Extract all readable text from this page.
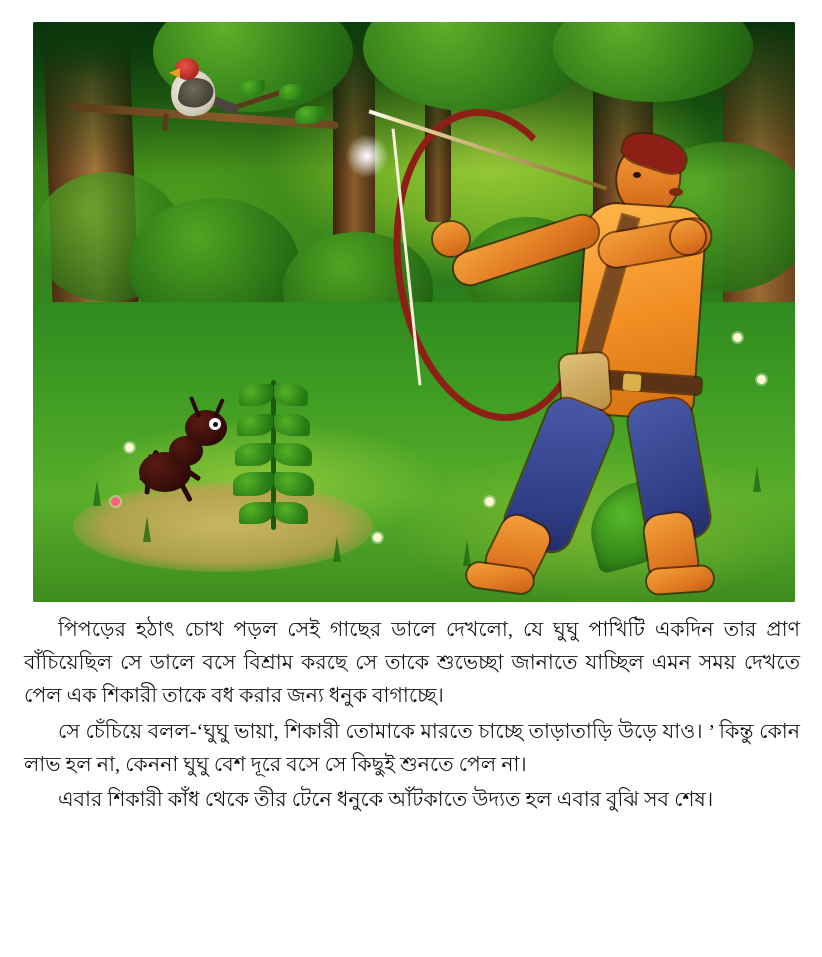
পিপড়ের হঠাৎ চোখ পড়ল সেই গাছের ডালে দেখলো, যে ঘুঘু পাখিটি একদিন তার প্রাণ বাঁচিয়েছিল সে ডালে বসে বিশ্রাম করছে সে তাকে শুভেচ্ছা জানাতে যাচ্ছিল এমন সময় দেখতে পেল এক শিকারী তাকে বধ করার জন্য ধনুক বাগাচ্ছে।

সে চেঁচিয়ে বলল-‘ঘুঘু ভায়া, শিকারী তোমাকে মারতে চাচ্ছে তাড়াতাড়ি উড়ে যাও। ’ কিন্তু কোন লাভ হল না, কেননা ঘুঘু বেশ দূরে বসে সে কিছুই শুনতে পেল না।

এবার শিকারী কাঁধ থেকে তীর টেনে ধনুকে আঁটকাতে উদ্যত হল এবার বুঝি সব শেষ।
